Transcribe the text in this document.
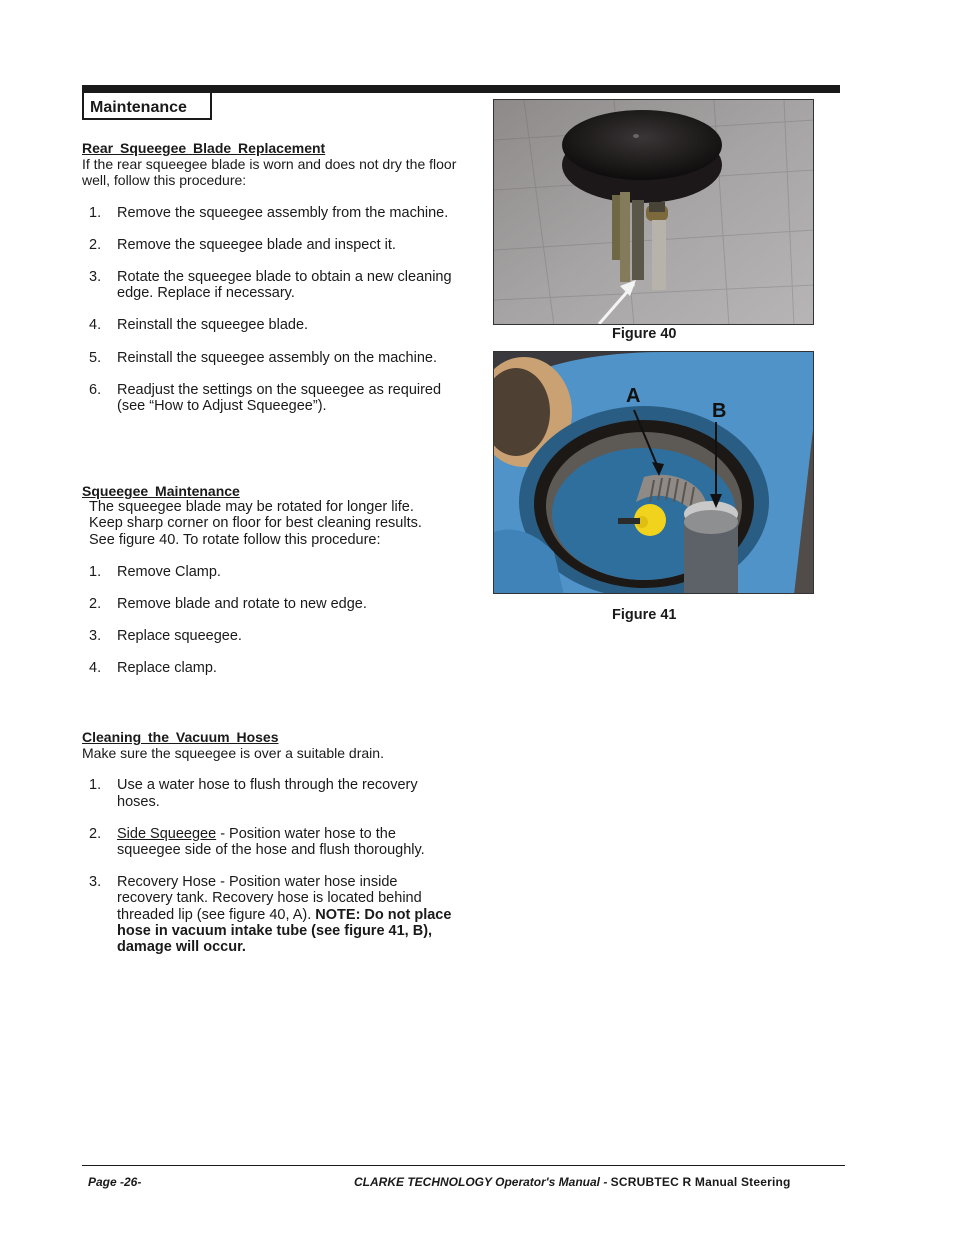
Maintenance
Rear Squeegee Blade Replacement
If the rear squeegee blade is worn and does not dry the floor well, follow this procedure:
1. Remove the squeegee assembly from the machine.
2. Remove the squeegee blade and inspect it.
3. Rotate the squeegee blade to obtain a new cleaning edge. Replace if necessary.
4. Reinstall the squeegee blade.
5. Reinstall the squeegee assembly on the machine.
6. Readjust the settings on the squeegee as required (see “How to Adjust Squeegee”).
Squeegee Maintenance
The squeegee blade may be rotated for longer life. Keep sharp corner on floor for best cleaning results. See figure 40. To rotate follow this procedure:
1. Remove Clamp.
2. Remove blade and rotate to new edge.
3. Replace squeegee.
4. Replace clamp.
Cleaning the Vacuum Hoses
Make sure the squeegee is over a suitable drain.
1. Use a water hose to flush through the recovery hoses.
2. Side Squeegee - Position water hose to the squeegee side of the hose and flush thoroughly.
3. Recovery Hose - Position water hose inside recovery tank. Recovery hose is located behind threaded lip (see figure 40, A). NOTE: Do not place hose in vacuum intake tube (see figure 41, B), damage will occur.
Figure 40
A
B
Figure 41
Page -26-	CLARKE TECHNOLOGY Operator's Manual - SCRUBTEC R Manual Steering
